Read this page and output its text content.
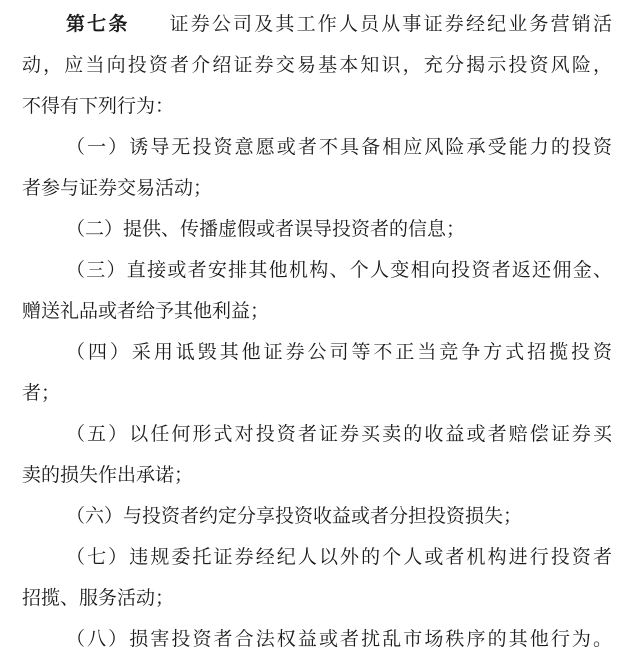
第七条 证券公司及其工作人员从事证券经纪业务营销活
动，应当向投资者介绍证券交易基本知识，充分揭示投资风险，
不得有下列行为：
（一）诱导无投资意愿或者不具备相应风险承受能力的投资
者参与证券交易活动；
（二）提供、传播虚假或者误导投资者的信息；
（三）直接或者安排其他机构、个人变相向投资者返还佣金、
赠送礼品或者给予其他利益；
（四）采用诋毁其他证券公司等不正当竞争方式招揽投资
者；
（五）以任何形式对投资者证券买卖的收益或者赔偿证券买
卖的损失作出承诺；
（六）与投资者约定分享投资收益或者分担投资损失；
（七）违规委托证券经纪人以外的个人或者机构进行投资者
招揽、服务活动；
（八）损害投资者合法权益或者扰乱市场秩序的其他行为。
